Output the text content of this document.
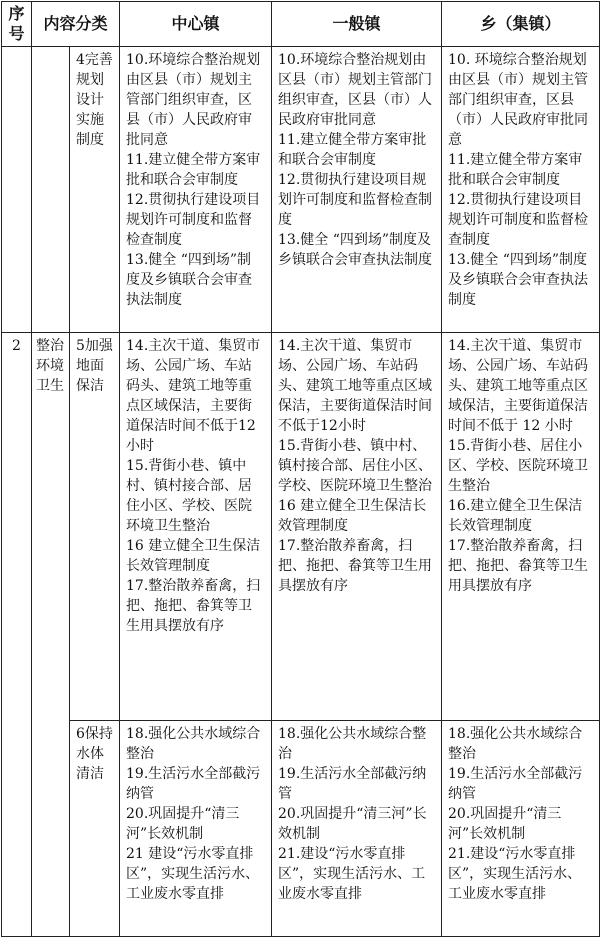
序号	内容分类		中心镇	一般镇	乡（集镇）
		4完善规划设计实施制度	10.环境综合整治规划由区县（市）规划主管部门组织审查，区县（市）人民政府审批同意
11.建立健全带方案审批和联合会审制度
12.贯彻执行建设项目规划许可制度和监督检查制度
13.健全 “四到场”制度及乡镇联合会审查执法制度	10.环境综合整治规划由区县（市）规划主管部门组织审查，区县（市）人民政府审批同意
11.建立健全带方案审批和联合会审制度
12.贯彻执行建设项目规划许可制度和监督检查制度
13.健全 “四到场”制度及乡镇联合会审查执法制度	10. 环境综合整治规划由区县（市）规划主管部门组织审查，区县（市）人民政府审批同意
11.建立健全带方案审批和联合会审制度
12.贯彻执行建设项目规划许可制度和监督检查制度
13.健全 “四到场”制度及乡镇联合会审查执法制度

2	整治环境卫生	5加强地面保洁	14.主次干道、集贸市场、公园广场、车站码头、建筑工地等重点区域保洁，主要街道保洁时间不低于12小时
15.背街小巷、镇中村、镇村接合部、居住小区、学校、医院环境卫生整治
16 建立健全卫生保洁长效管理制度
17.整治散养畜禽，扫把、拖把、畚箕等卫生用具摆放有序	14.主次干道、集贸市场、公园广场、车站码头、建筑工地等重点区域保洁，主要街道保洁时间不低于12小时
15.背街小巷、镇中村、镇村接合部、居住小区、学校、医院环境卫生整治
16 建立健全卫生保洁长效管理制度
17.整治散养畜禽，扫把、拖把、畚箕等卫生用具摆放有序	14.主次干道、集贸市场、公园广场、车站码头、建筑工地等重点区域保洁，主要街道保洁时间不低于 12 小时
15.背街小巷、居住小区、学校、医院环境卫生整治
16.建立健全卫生保洁长效管理制度
17.整治散养畜禽，扫把、拖把、畚箕等卫生用具摆放有序

		6保持水体清洁	18.强化公共水域综合整治
19.生活污水全部截污纳管
20.巩固提升“清三河”长效机制
21 建设“污水零直排区”，实现生活污水、工业废水零直排	18.强化公共水域综合整治
19.生活污水全部截污纳管
20.巩固提升“清三河”长效机制
21.建设“污水零直排区”，实现生活污水、工业废水零直排	18.强化公共水域综合整治
19.生活污水全部截污纳管
20.巩固提升“清三河”长效机制
21.建设“污水零直排区”，实现生活污水、工业废水零直排
